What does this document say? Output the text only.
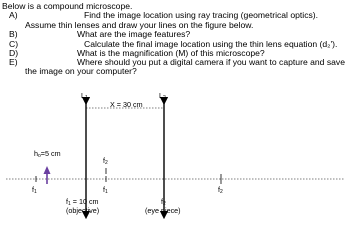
Below is a compound microscope.
A)	Find the image location using ray tracing (geometrical optics).
Assume thin lenses and draw your lines on the figure below.
B)	What are the image features?
C)	Calculate the final image location using the thin lens equation (d₂').
D)	What is the magnification (M) of this microscope?
E)	Where should you put a digital camera if you want to capture and save
the image on your computer?
$L_1$	$L_2$
X = 30 cm
$h_o=5$ cm
$f_2$
$f_1$	$f_1$	$f_2$
$f_1 = 10$ cm
(objective)
$f_2$
(eye piece)
